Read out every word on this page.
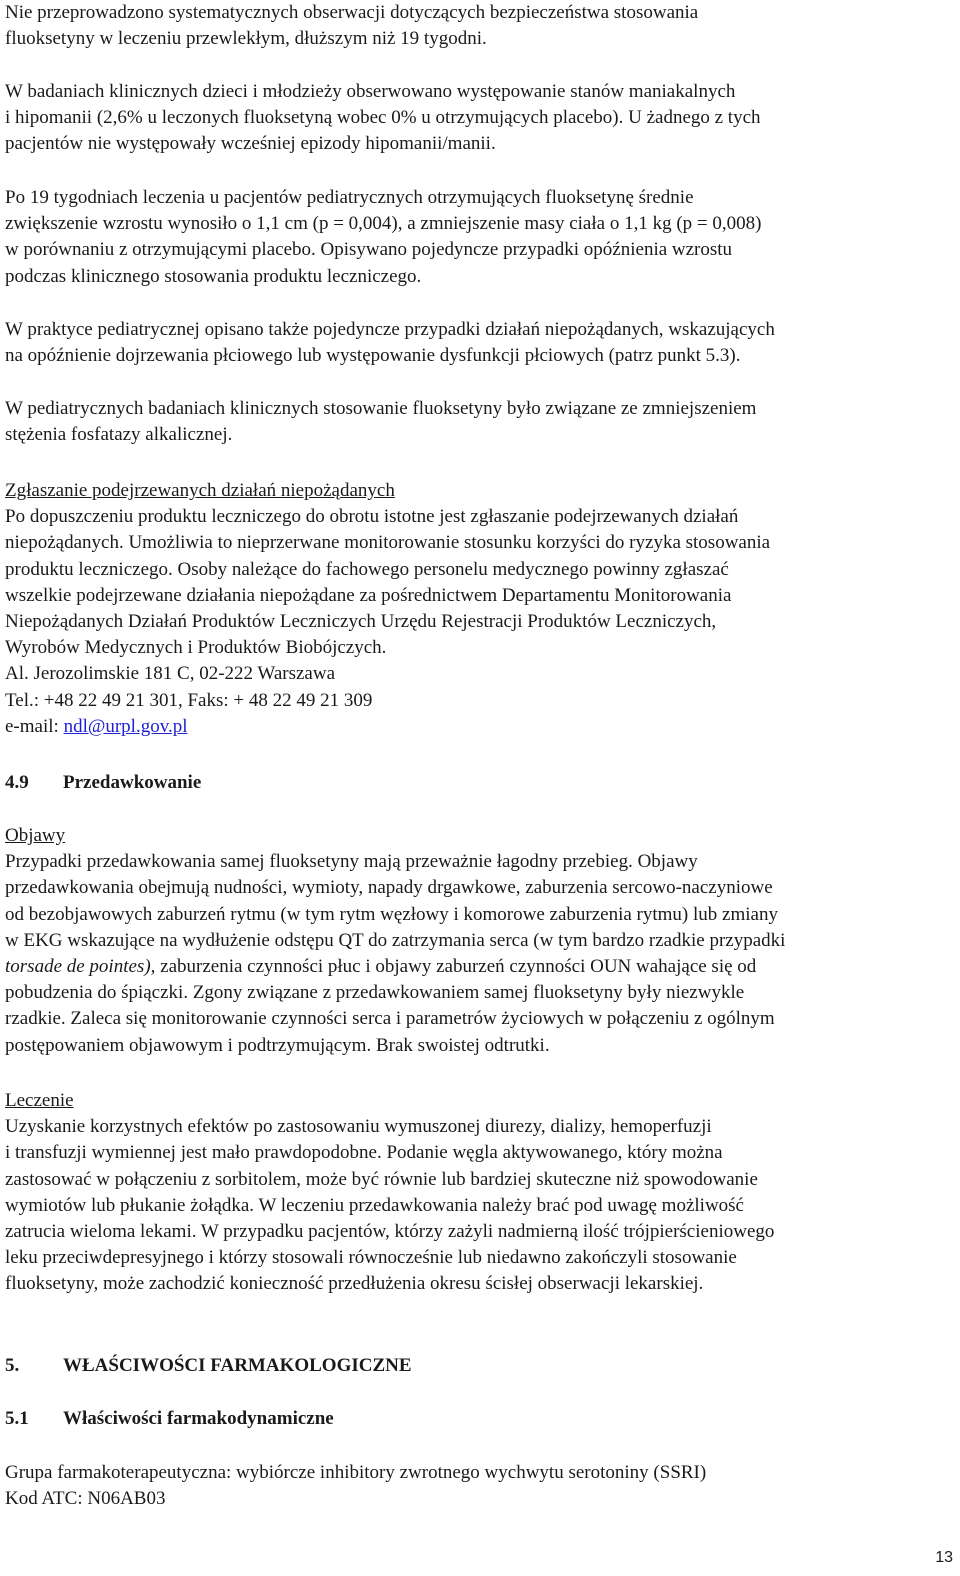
Nie przeprowadzono systematycznych obserwacji dotyczących bezpieczeństwa stosowania
fluoksetyny w leczeniu przewlekłym, dłuższym niż 19 tygodni.

W badaniach klinicznych dzieci i młodzieży obserwowano występowanie stanów maniakalnych
i hipomanii (2,6% u leczonych fluoksetyną wobec 0% u otrzymujących placebo). U żadnego z tych
pacjentów nie występowały wcześniej epizody hipomanii/manii.

Po 19 tygodniach leczenia u pacjentów pediatrycznych otrzymujących fluoksetynę średnie
zwiększenie wzrostu wynosiło o 1,1 cm (p = 0,004), a zmniejszenie masy ciała o 1,1 kg (p = 0,008)
w porównaniu z otrzymującymi placebo. Opisywano pojedyncze przypadki opóźnienia wzrostu
podczas klinicznego stosowania produktu leczniczego.

W praktyce pediatrycznej opisano także pojedyncze przypadki działań niepożądanych, wskazujących
na opóźnienie dojrzewania płciowego lub występowanie dysfunkcji płciowych (patrz punkt 5.3).

W pediatrycznych badaniach klinicznych stosowanie fluoksetyny było związane ze zmniejszeniem
stężenia fosfatazy alkalicznej.

Zgłaszanie podejrzewanych działań niepożądanych
Po dopuszczeniu produktu leczniczego do obrotu istotne jest zgłaszanie podejrzewanych działań
niepożądanych. Umożliwia to nieprzerwane monitorowanie stosunku korzyści do ryzyka stosowania
produktu leczniczego. Osoby należące do fachowego personelu medycznego powinny zgłaszać
wszelkie podejrzewane działania niepożądane za pośrednictwem Departamentu Monitorowania
Niepożądanych Działań Produktów Leczniczych Urzędu Rejestracji Produktów Leczniczych,
Wyrobów Medycznych i Produktów Biobójczych.
Al. Jerozolimskie 181 C, 02-222 Warszawa
Tel.: +48 22 49 21 301, Faks: + 48 22 49 21 309
e-mail: ndl@urpl.gov.pl
4.9 Przedawkowanie
Objawy
Przypadki przedawkowania samej fluoksetyny mają przeważnie łagodny przebieg. Objawy
przedawkowania obejmują nudności, wymioty, napady drgawkowe, zaburzenia sercowo-naczyniowe
od bezobjawowych zaburzeń rytmu (w tym rytm węzłowy i komorowe zaburzenia rytmu) lub zmiany
w EKG wskazujące na wydłużenie odstępu QT do zatrzymania serca (w tym bardzo rzadkie przypadki
torsade de pointes), zaburzenia czynności płuc i objawy zaburzeń czynności OUN wahające się od
pobudzenia do śpiączki. Zgony związane z przedawkowaniem samej fluoksetyny były niezwykle
rzadkie. Zaleca się monitorowanie czynności serca i parametrów życiowych w połączeniu z ogólnym
postępowaniem objawowym i podtrzymującym. Brak swoistej odtrutki.
Leczenie
Uzyskanie korzystnych efektów po zastosowaniu wymuszonej diurezy, dializy, hemoperfuzji
i transfuzji wymiennej jest mało prawdopodobne. Podanie węgla aktywowanego, który można
zastosować w połączeniu z sorbitolem, może być równie lub bardziej skuteczne niż spowodowanie
wymiotów lub płukanie żołądka. W leczeniu przedawkowania należy brać pod uwagę możliwość
zatrucia wieloma lekami. W przypadku pacjentów, którzy zażyli nadmierną ilość trójpierścieniowego
leku przeciwdepresyjnego i którzy stosowali równocześnie lub niedawno zakończyli stosowanie
fluoksetyny, może zachodzić konieczność przedłużenia okresu ścisłej obserwacji lekarskiej.
5. WŁAŚCIWOŚCI FARMAKOLOGICZNE
5.1 Właściwości farmakodynamiczne

Grupa farmakoterapeutyczna: wybiórcze inhibitory zwrotnego wychwytu serotoniny (SSRI)
Kod ATC: N06AB03

13
